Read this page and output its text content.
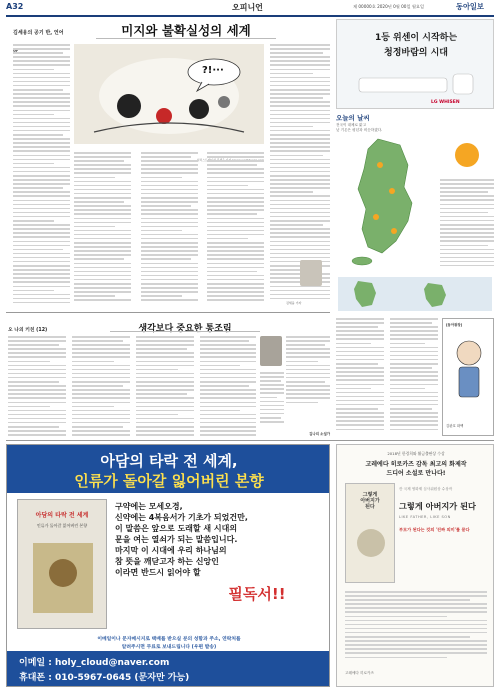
A32	오피니언	제 00000호 2020년 0월 00일 월요일	동아일보
김세웅의 공기 반, 언어	미지와 불확실성의 세계
?!···
김세웅 기자
오 나의 키친 (12)	생각보다 중요한 통조림
김나리 소설가
1등 위센이 시작하는
청정바람의 시대
LG WHISEN
오늘의 날씨
전국이 대체로 맑고
낮 기온은 평년과 비슷하겠다.
[동아광장]
김판호 화백
아담의 타락 전 세계,
인류가 돌아갈 잃어버린 본향
아담의 타락 전 세계
인류가 돌아갈 잃어버린 본향
구약에는 모세오경,
신약에는 4복음서가 기초가 되었건만,
이 말씀은 앞으로 도래할 새 시대의
문을 여는 열쇠가 되는 말씀입니다.
마지막 이 시대에 우리 하나님의
참 뜻을 깨닫고자 하는 신앙인
이라면 반드시 읽어야 할
필독서!!
이메일이나 문자메시지로 택배를 받으실 분의 성함과 주소, 연락처를
알려주시면 무료로 보내드립니다 (우편 발송)
이메일 : holy_cloud@naver.com
휴대폰 : 010-5967-0645 (문자만 가능)
2018년 한경희와 활금출판상 수상
고레에다 히로카즈 감독 최고의 화제작
드디어 소설로 만나다!
그렇게
아버지가
된다
칸 국제 영화제 심사위원상 수상작
그렇게 아버지가 된다
LIKE FATHER, LIKE SON
부모가 된다는 것의 '진짜 의미'를 묻다
고레에다 히로카즈
